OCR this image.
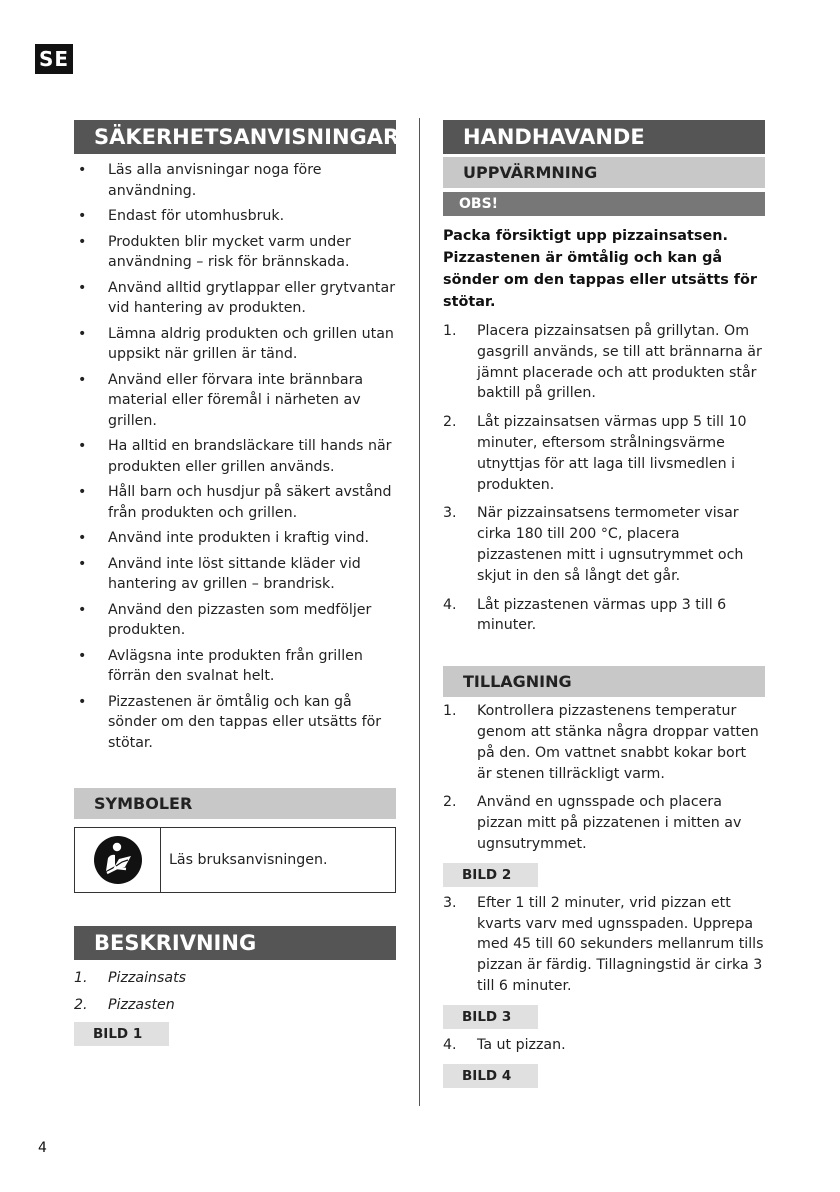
SE
SÄKERHETSANVISNINGAR
• Läs alla anvisningar noga före användning.
• Endast för utomhusbruk.
• Produkten blir mycket varm under användning – risk för brännskada.
• Använd alltid grytlappar eller grytvantar vid hantering av produkten.
• Lämna aldrig produkten och grillen utan uppsikt när grillen är tänd.
• Använd eller förvara inte brännbara material eller föremål i närheten av grillen.
• Ha alltid en brandsläckare till hands när produkten eller grillen används.
• Håll barn och husdjur på säkert avstånd från produkten och grillen.
• Använd inte produkten i kraftig vind.
• Använd inte löst sittande kläder vid hantering av grillen – brandrisk.
• Använd den pizzasten som medföljer produkten.
• Avlägsna inte produkten från grillen förrän den svalnat helt.
• Pizzastenen är ömtålig och kan gå sönder om den tappas eller utsätts för stötar.
SYMBOLER
Läs bruksanvisningen.
BESKRIVNING
1.	Pizzainsats
2.	Pizzasten
BILD 1
HANDHAVANDE
UPPVÄRMNING
OBS!
Packa försiktigt upp pizzainsatsen.
Pizzastenen är ömtålig och kan gå sönder om den tappas eller utsätts för stötar.
1.	Placera pizzainsatsen på grillytan. Om gasgrill används, se till att brännarna är jämnt placerade och att produkten står baktill på grillen.
2.	Låt pizzainsatsen värmas upp 5 till 10 minuter, eftersom strålningsvärme utnyttjas för att laga till livsmedlen i produkten.
3.	När pizzainsatsens termometer visar cirka 180 till 200 °C, placera pizzastenen mitt i ugnsutrymmet och skjut in den så långt det går.
4.	Låt pizzastenen värmas upp 3 till 6 minuter.
TILLAGNING
1.	Kontrollera pizzastenens temperatur genom att stänka några droppar vatten på den. Om vattnet snabbt kokar bort är stenen tillräckligt varm.
2.	Använd en ugnsspade och placera pizzan mitt på pizzatenen i mitten av ugnsutrymmet.
BILD 2
3.	Efter 1 till 2 minuter, vrid pizzan ett kvarts varv med ugnsspaden. Upprepa med 45 till 60 sekunders mellanrum tills pizzan är färdig. Tillagningstid är cirka 3 till 6 minuter.
BILD 3
4.	Ta ut pizzan.
BILD 4
4
